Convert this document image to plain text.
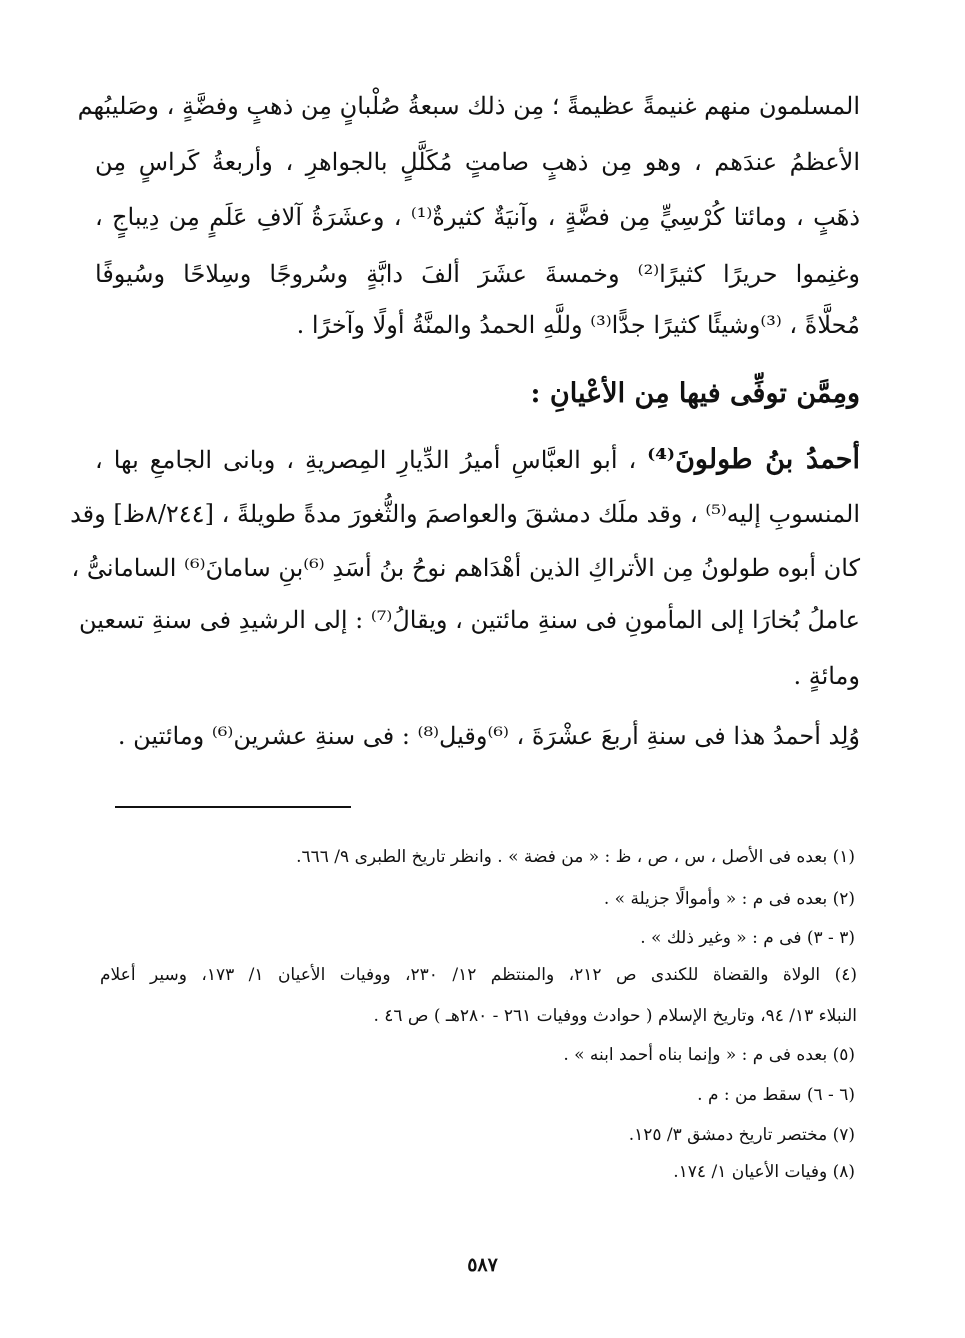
المسلمون منهم غنيمةً عظيمةً ؛ مِن ذلك سبعةُ صُلْبانٍ مِن ذهبٍ وفضَّةٍ ، وصَليبُهم
الأعظمُ عندَهم ، وهو مِن ذهبٍ صامتٍ مُكَلَّلٍ بالجواهرِ ، وأربعةُ كَراسٍ مِن
ذهَبٍ ، ومائتا كُرْسِيٍّ مِن فضَّةٍ ، وآنيَةٌ كثيرةٌ⁽¹⁾ ، وعشَرَةُ آلافِ عَلَمٍ مِن دِيباجٍ ،
وغنِموا حريرًا كثيرًا⁽²⁾ وخمسةَ عشَرَ ألفَ دابَّةٍ وسُروجًا وسِلاحًا وسُيوفًا
مُحلَّاةً ، ⁽³⁾وشيئًا كثيرًا جدًّا⁽³⁾ وللَّهِ الحمدُ والمنَّةُ أولًا وآخرًا .
ومِمَّن توفِّى فيها مِن الأعْيانِ :
أحمدُ بنُ طولونَ⁽⁴⁾ ، أبو العبَّاسِ أميرُ الدِّيارِ المِصريةِ ، وبانى الجامعِ بها ،
المنسوبِ إليه⁽⁵⁾ ، وقد ملَك دمشقَ والعواصمَ والثُّغورَ مدةً طويلةً ، [٨/٢٤٤ظ] وقد
كان أبوه طولونُ مِن الأتراكِ الذين أهْدَاهم نوحُ بنُ أسَدِ ⁽⁶⁾بنِ سامانَ⁽⁶⁾ السامانىُّ ،
عاملُ بُخارَا إلى المأمونِ فى سنةِ مائتين ، ويقالُ⁽⁷⁾ : إلى الرشيدِ فى سنةِ تسعين
ومائةٍ .
وُلِد أحمدُ هذا فى سنةِ أربعَ عشْرَةَ ، ⁽⁶⁾وقيل⁽⁸⁾ : فى سنةِ عشرين⁽⁶⁾ ومائتين .
(١) بعده فى الأصل ، س ، ص ، ظ : « من فضة » . وانظر تاريخ الطبرى ٩/ ٦٦٦.
(٢) بعده فى م : « وأموالًا جزيلة » .
(٣ - ٣) فى م : « وغير ذلك » .
(٤) الولاة والقضاة للكندى ص ٢١٢، والمنتظم ١٢/ ٢٣٠، ووفيات الأعيان ١/ ١٧٣، وسير أعلام
النبلاء ١٣/ ٩٤، وتاريخ الإسلام ( حوادث ووفيات ٢٦١ - ٢٨٠هـ ) ص ٤٦ .
(٥) بعده فى م : « وإنما بناه أحمد ابنه » .
(٦ - ٦) سقط من : م .
(٧) مختصر تاريخ دمشق ٣/ ١٢٥.
(٨) وفيات الأعيان ١/ ١٧٤.
٥٨٧
